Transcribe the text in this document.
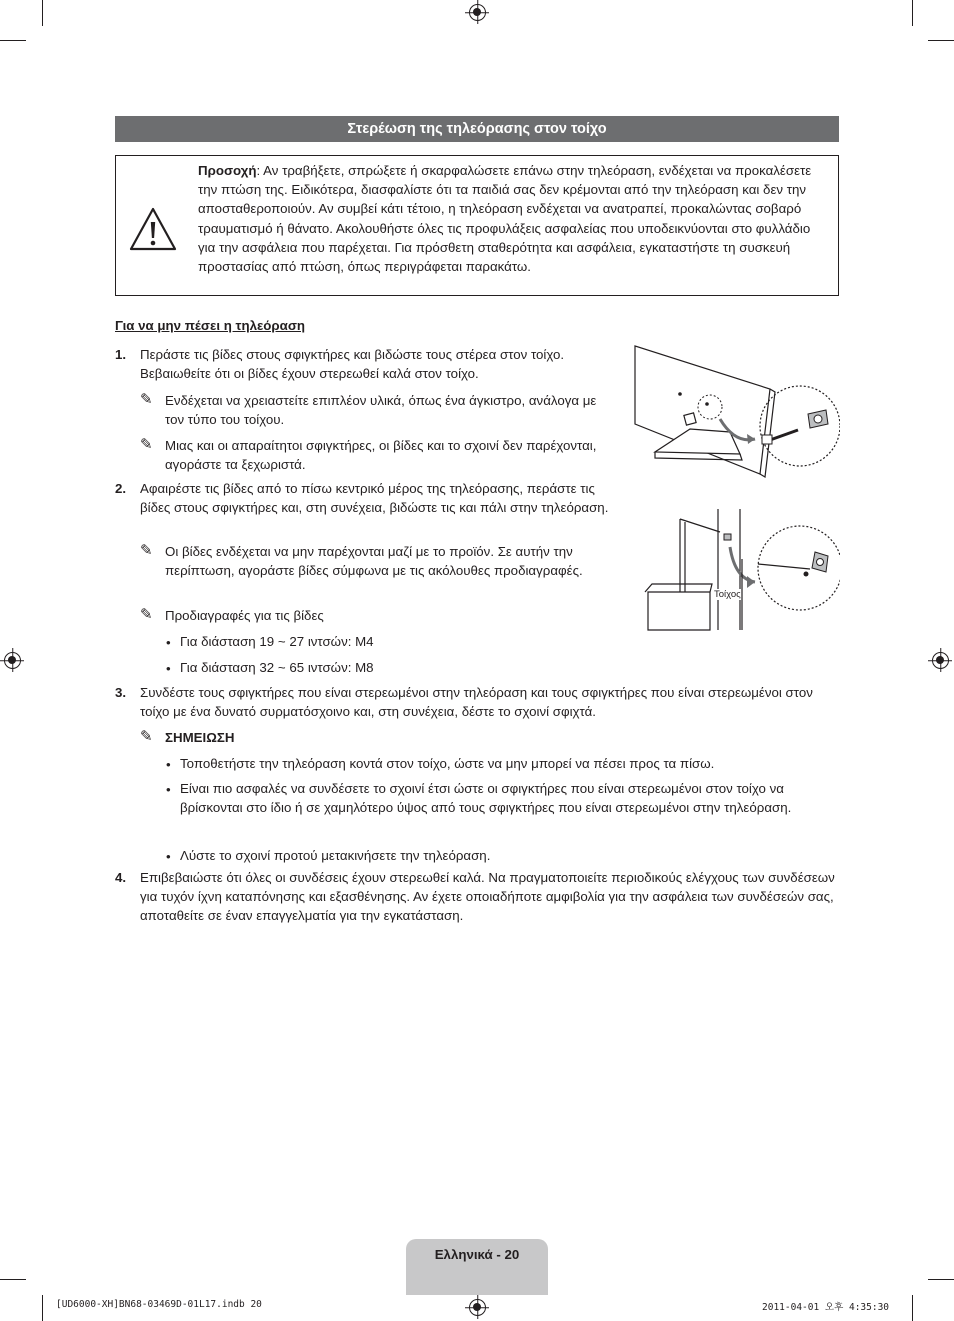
Στερέωση της τηλεόρασης στον τοίχο
Προσοχή: Αν τραβήξετε, σπρώξετε ή σκαρφαλώσετε επάνω στην τηλεόραση, ενδέχεται να προκαλέσετε την πτώση της. Ειδικότερα, διασφαλίστε ότι τα παιδιά σας δεν κρέμονται από την τηλεόραση και δεν την αποσταθεροποιούν. Αν συμβεί κάτι τέτοιο, η τηλεόραση ενδέχεται να ανατραπεί, προκαλώντας σοβαρό τραυματισμό ή θάνατο. Ακολουθήστε όλες τις προφυλάξεις ασφαλείας που υποδεικνύονται στο φυλλάδιο για την ασφάλεια που παρέχεται. Για πρόσθετη σταθερότητα και ασφάλεια, εγκαταστήστε τη συσκευή προστασίας από πτώση, όπως περιγράφεται παρακάτω.
Για να μην πέσει η τηλεόραση
1. Περάστε τις βίδες στους σφιγκτήρες και βιδώστε τους στέρεα στον τοίχο. Βεβαιωθείτε ότι οι βίδες έχουν στερεωθεί καλά στον τοίχο.
✎ Ενδέχεται να χρειαστείτε επιπλέον υλικά, όπως ένα άγκιστρο, ανάλογα με τον τύπο του τοίχου.
✎ Μιας και οι απαραίτητοι σφιγκτήρες, οι βίδες και το σχοινί δεν παρέχονται, αγοράστε τα ξεχωριστά.
2. Αφαιρέστε τις βίδες από το πίσω κεντρικό μέρος της τηλεόρασης, περάστε τις βίδες στους σφιγκτήρες και, στη συνέχεια, βιδώστε τις και πάλι στην τηλεόραση.
✎ Οι βίδες ενδέχεται να μην παρέχονται μαζί με το προϊόν. Σε αυτήν την περίπτωση, αγοράστε βίδες σύμφωνα με τις ακόλουθες προδιαγραφές.
✎ Προδιαγραφές για τις βίδες
• Για διάσταση 19 ~ 27 ιντσών: M4
• Για διάσταση 32 ~ 65 ιντσών: M8
3. Συνδέστε τους σφιγκτήρες που είναι στερεωμένοι στην τηλεόραση και τους σφιγκτήρες που είναι στερεωμένοι στον τοίχο με ένα δυνατό συρματόσχοινο και, στη συνέχεια, δέστε το σχοινί σφιχτά.
✎ ΣΗΜΕΙΩΣΗ
• Τοποθετήστε την τηλεόραση κοντά στον τοίχο, ώστε να μην μπορεί να πέσει προς τα πίσω.
• Είναι πιο ασφαλές να συνδέσετε το σχοινί έτσι ώστε οι σφιγκτήρες που είναι στερεωμένοι στον τοίχο να βρίσκονται στο ίδιο ή σε χαμηλότερο ύψος από τους σφιγκτήρες που είναι στερεωμένοι στην τηλεόραση.
• Λύστε το σχοινί προτού μετακινήσετε την τηλεόραση.
4. Επιβεβαιώστε ότι όλες οι συνδέσεις έχουν στερεωθεί καλά. Να πραγματοποιείτε περιοδικούς ελέγχους των συνδέσεων για τυχόν ίχνη καταπόνησης και εξασθένησης. Αν έχετε οποιαδήποτε αμφιβολία για την ασφάλεια των συνδέσεών σας, αποταθείτε σε έναν επαγγελματία για την εγκατάσταση.
Τοίχος
Ελληνικά - 20
[UD6000-XH]BN68-03469D-01L17.indb 20	2011-04-01 오후 4:35:30
